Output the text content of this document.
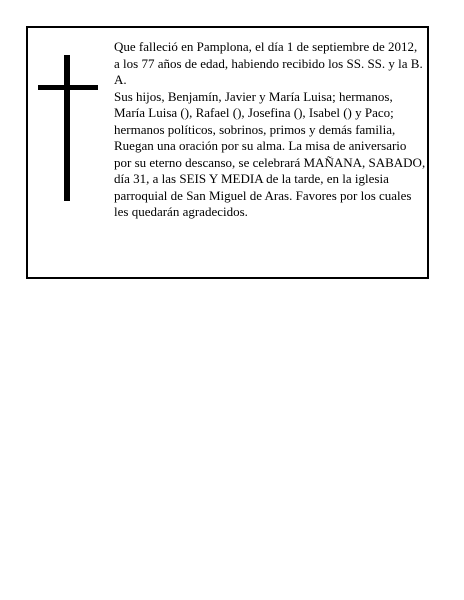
Que falleció en Pamplona, el día 1 de septiembre de 2012, a los 77 años de edad, habiendo recibido los SS. SS. y la B. A.

Sus hijos, Benjamín, Javier y María Luisa; hermanos, María Luisa (), Rafael (), Josefina (), Isabel () y Paco; hermanos políticos, sobrinos, primos y demás familia, Ruegan una oración por su alma. La misa de aniversario por su eterno descanso, se celebrará MAÑANA, SABADO, día 31, a las SEIS Y MEDIA de la tarde, en la iglesia parroquial de San Miguel de Aras. Favores por los cuales les quedarán agradecidos.
